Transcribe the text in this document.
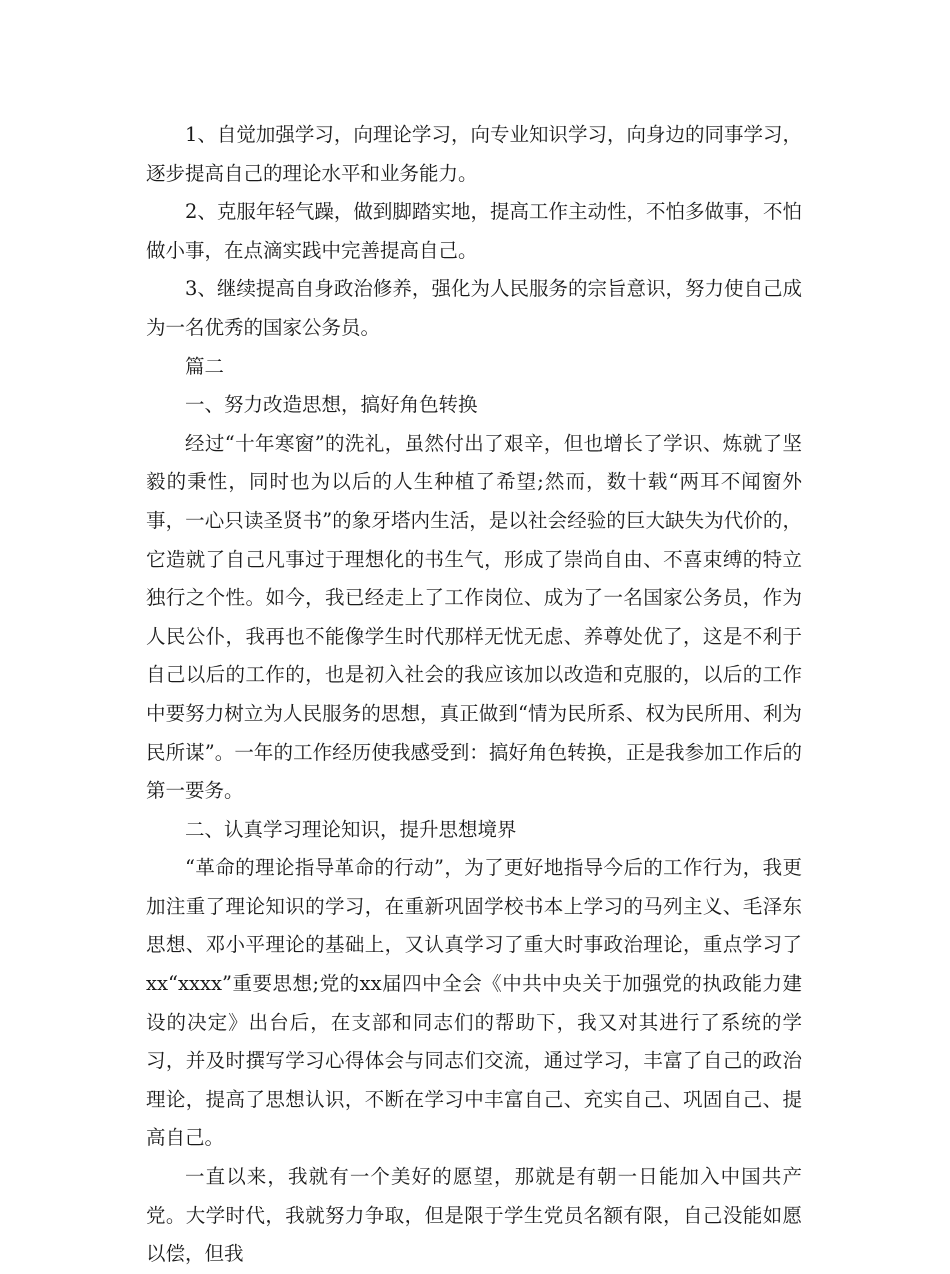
1、自觉加强学习，向理论学习，向专业知识学习，向身边的同事学习，逐步提高自己的理论水平和业务能力。

2、克服年轻气躁，做到脚踏实地，提高工作主动性，不怕多做事，不怕做小事，在点滴实践中完善提高自己。

3、继续提高自身政治修养，强化为人民服务的宗旨意识，努力使自己成为一名优秀的国家公务员。

篇二

一、努力改造思想，搞好角色转换

经过“十年寒窗”的洗礼，虽然付出了艰辛，但也增长了学识、炼就了坚毅的秉性，同时也为以后的人生种植了希望;然而，数十载“两耳不闻窗外事，一心只读圣贤书”的象牙塔内生活，是以社会经验的巨大缺失为代价的，它造就了自己凡事过于理想化的书生气，形成了崇尚自由、不喜束缚的特立独行之个性。如今，我已经走上了工作岗位、成为了一名国家公务员，作为人民公仆，我再也不能像学生时代那样无忧无虑、养尊处优了，这是不利于自己以后的工作的，也是初入社会的我应该加以改造和克服的，以后的工作中要努力树立为人民服务的思想，真正做到“情为民所系、权为民所用、利为民所谋”。一年的工作经历使我感受到：搞好角色转换，正是我参加工作后的第一要务。

二、认真学习理论知识，提升思想境界

“革命的理论指导革命的行动”，为了更好地指导今后的工作行为，我更加注重了理论知识的学习，在重新巩固学校书本上学习的马列主义、毛泽东思想、邓小平理论的基础上，又认真学习了重大时事政治理论，重点学习了xx“xxxx”重要思想;党的xx届四中全会《中共中央关于加强党的执政能力建设的决定》出台后，在支部和同志们的帮助下，我又对其进行了系统的学习，并及时撰写学习心得体会与同志们交流，通过学习，丰富了自己的政治理论，提高了思想认识，不断在学习中丰富自己、充实自己、巩固自己、提高自己。

一直以来，我就有一个美好的愿望，那就是有朝一日能加入中国共产党。大学时代，我就努力争取，但是限于学生党员名额有限，自己没能如愿以偿，但我
